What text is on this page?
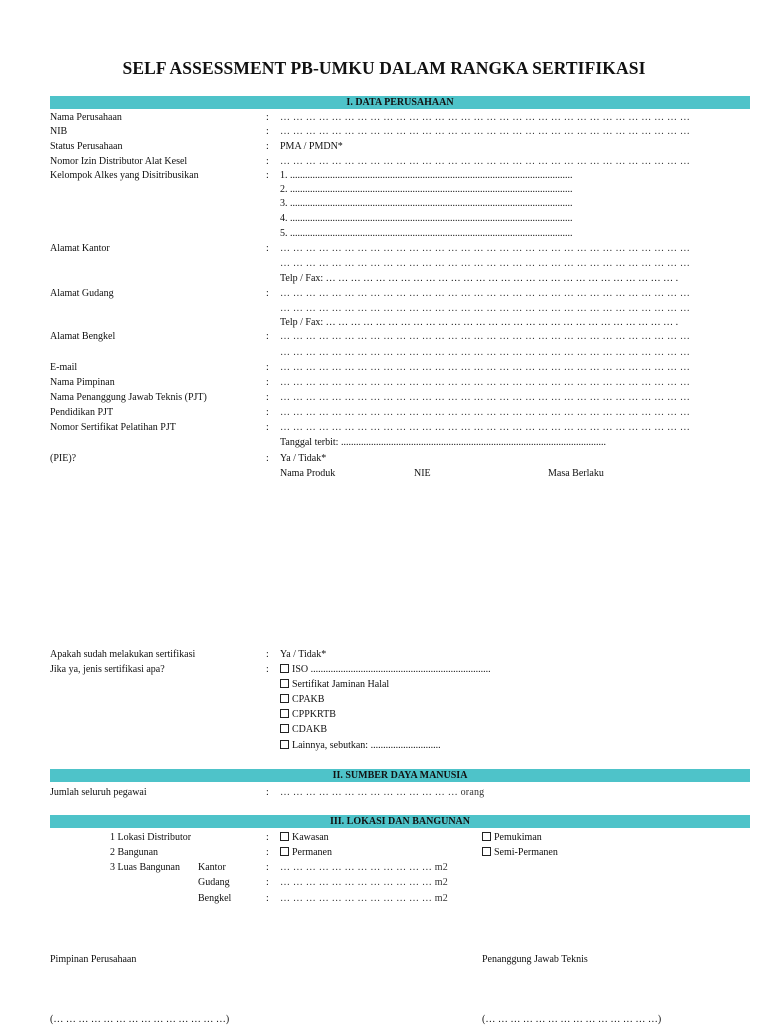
SELF ASSESSMENT PB-UMKU DALAM RANGKA SERTIFIKASI
I. DATA PERUSAHAAN
Nama Perusahaan	: … … … … … … … … … … … … … … … … … … … … … … … … … … … … … … … …
NIB	: … … … … … … … … … … … … … … … … … … … … … … … … … … … … … … … …
Status Perusahaan	: PMA / PMDN*
Nomor Izin Distributor Alat Kesel	: … … … … … … … … … … … … … … … … … … … … … … … … … … … … … … … …
Kelompok Alkes yang Disitribusikan	: 1. .................................................................................................................
2. .................................................................................................................
3. .................................................................................................................
4. .................................................................................................................
5. .................................................................................................................
Alamat Kantor	: … … … … … … … … … … … … … … … … … … … … … … … … … … … … … … … …
… … … … … … … … … … … … … … … … … … … … … … … … … … … … … … … …
Telp / Fax: … … … … … … … … … … … … … … … … … … … … … … … … … … … … .
Alamat Gudang	: … … … … … … … … … … … … … … … … … … … … … … … … … … … … … … … …
… … … … … … … … … … … … … … … … … … … … … … … … … … … … … … … …
Telp / Fax: … … … … … … … … … … … … … … … … … … … … … … … … … … … … .
Alamat Bengkel	: … … … … … … … … … … … … … … … … … … … … … … … … … … … … … … … …
… … … … … … … … … … … … … … … … … … … … … … … … … … … … … … … …
E-mail	: … … … … … … … … … … … … … … … … … … … … … … … … … … … … … … … …
Nama Pimpinan	: … … … … … … … … … … … … … … … … … … … … … … … … … … … … … … … …
Nama Penanggung Jawab Teknis (PJT)	: … … … … … … … … … … … … … … … … … … … … … … … … … … … … … … … …
Pendidikan PJT	: … … … … … … … … … … … … … … … … … … … … … … … … … … … … … … … …
Nomor Sertifikat Pelatihan PJT	: … … … … … … … … … … … … … … … … … … … … … … … … … … … … … … … …
Tanggal terbit: ..........................................................................................................
(PIE)?	: Ya / Tidak*
Nama Produk	NIE	Masa Berlaku
Apakah sudah melakukan sertifikasi	: Ya / Tidak*
Jika ya, jenis sertifikasi apa?	:	ISO ........................................................................
Sertifikat Jaminan Halal
CPAKB
CPPKRTB
CDAKB
Lainnya, sebutkan: ............................
II. SUMBER DAYA MANUSIA
Jumlah seluruh pegawai	: … … … … … … … … … … … … … … orang
III. LOKASI DAN BANGUNAN
1 Lokasi Distributor	:	Kawasan	Pemukiman
2 Bangunan	:	Permanen	Semi-Permanen
3 Luas Bangunan Kantor	: … … … … … … … … … … … … m2
Gudang	: … … … … … … … … … … … … m2
Bengkel	: … … … … … … … … … … … … m2
Pimpinan Perusahaan	Penanggung Jawab Teknis
(… … … … … … … … … … … … … …)	(… … … … … … … … … … … … … …)
